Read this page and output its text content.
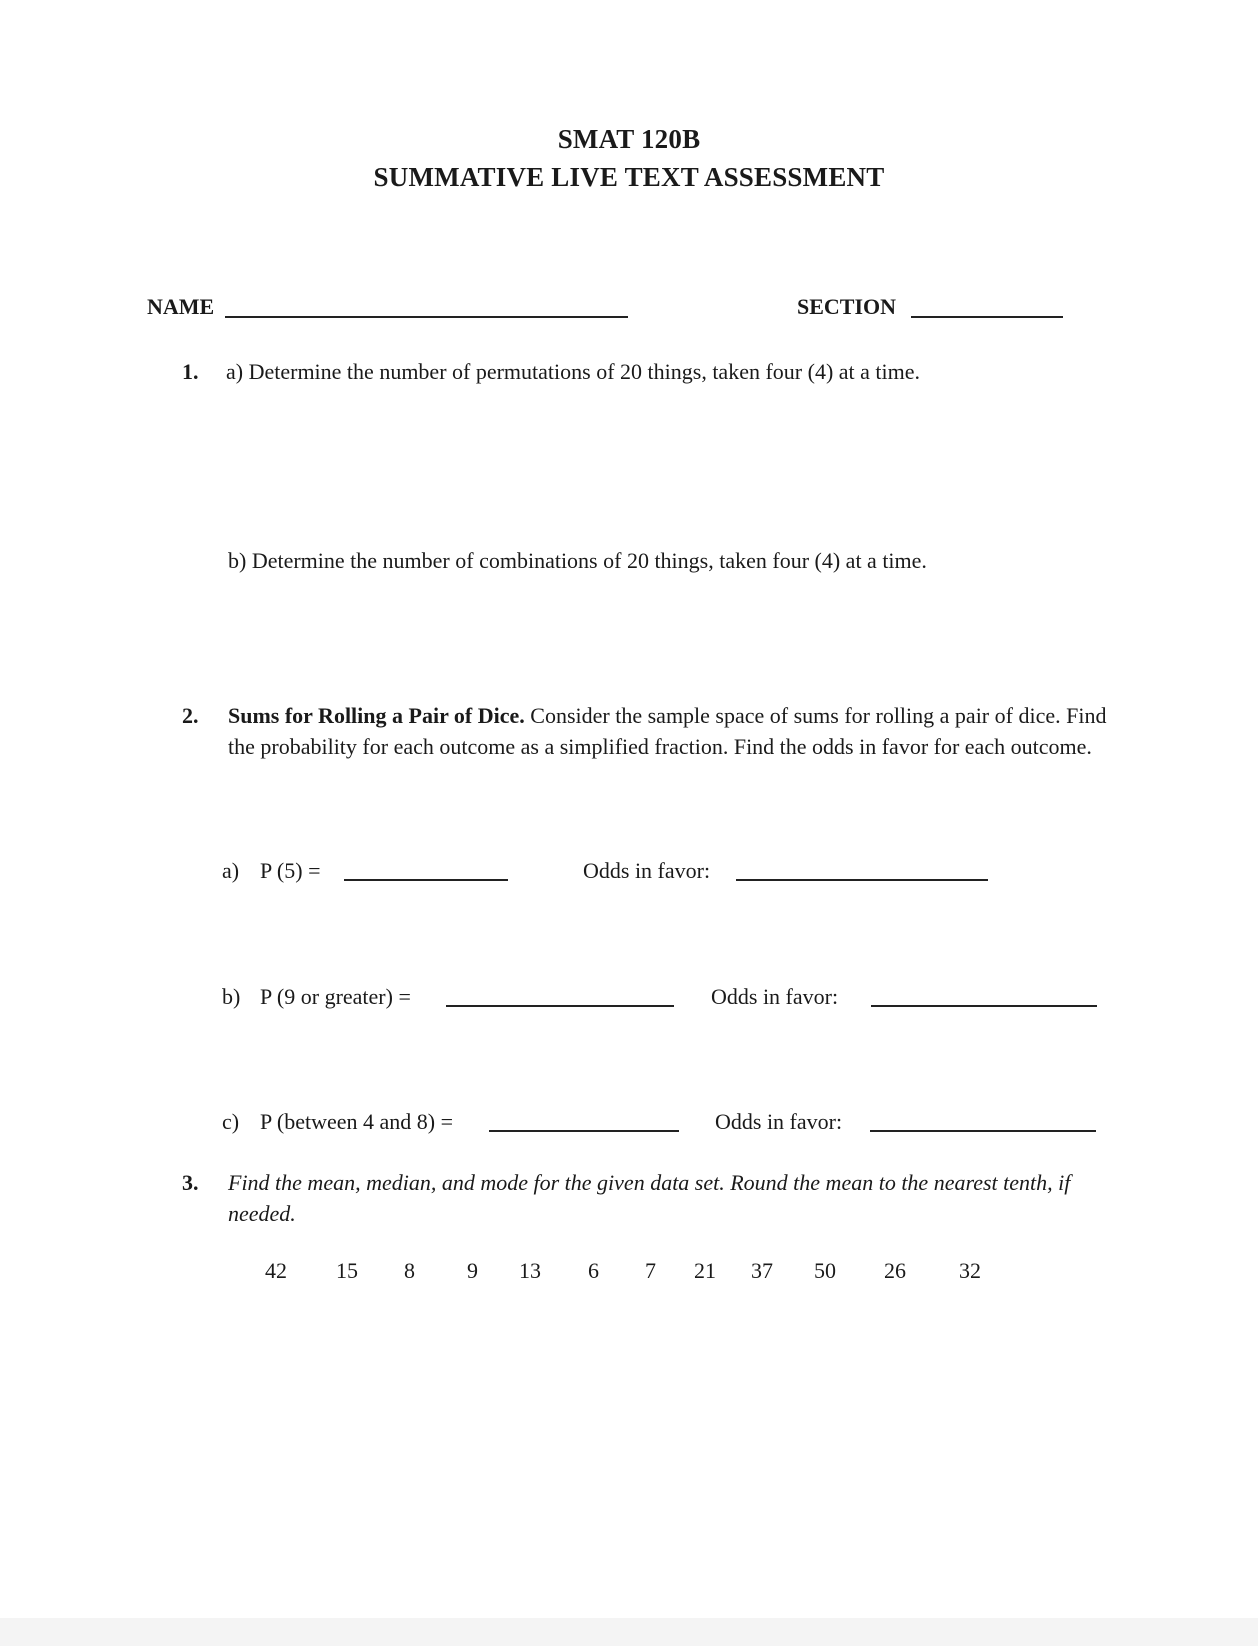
SMAT 120B
SUMMATIVE LIVE TEXT ASSESSMENT
NAME	SECTION
1. a) Determine the number of permutations of 20 things, taken four (4) at a time.
b) Determine the number of combinations of 20 things, taken four (4) at a time.
2. Sums for Rolling a Pair of Dice. Consider the sample space of sums for rolling a pair of dice. Find the probability for each outcome as a simplified fraction. Find the odds in favor for each outcome.
a) P (5) =	Odds in favor:
b) P (9 or greater) =	Odds in favor:
c) P (between 4 and 8) =	Odds in favor:
3. Find the mean, median, and mode for the given data set. Round the mean to the nearest tenth, if needed.
42 15 8 9 13 6 7 21 37 50 26 32
